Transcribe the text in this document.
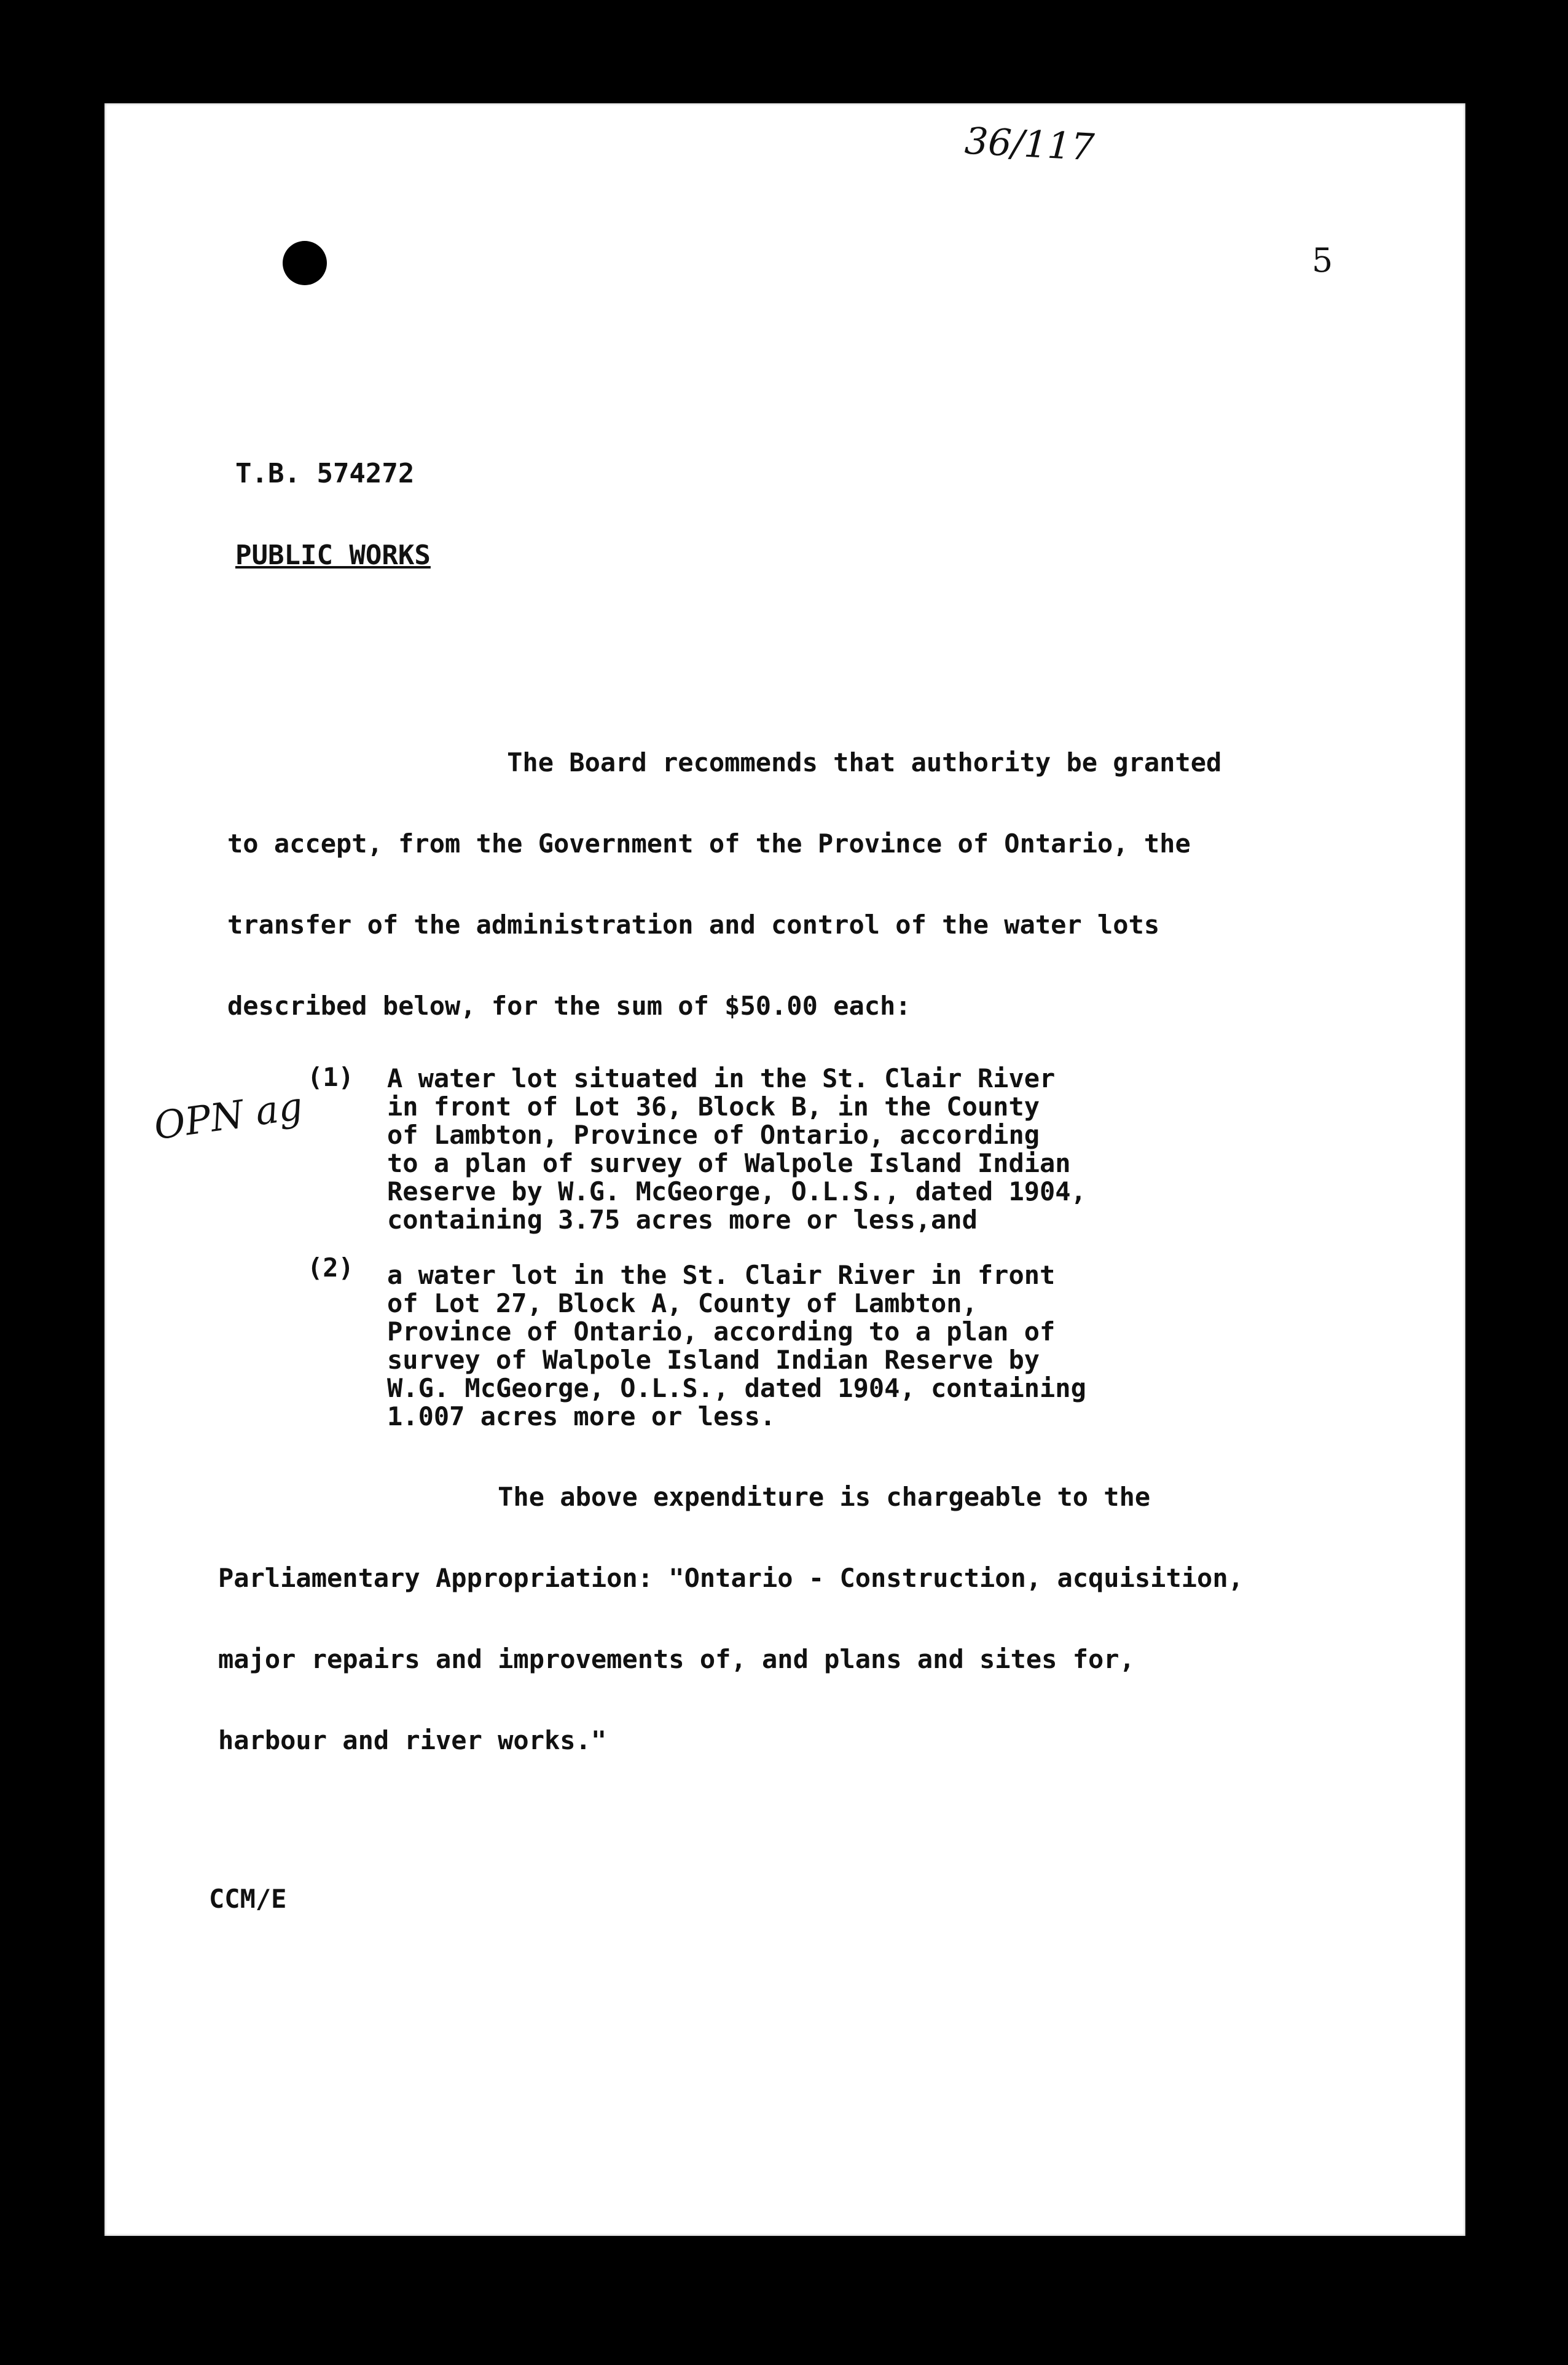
36/117
5
OPN ag
T.B. 574272
PUBLIC WORKS
The Board recommends that authority be granted
to accept, from the Government of the Province of Ontario, the
transfer of the administration and control of the water lots
described below, for the sum of $50.00 each:
(1) A water lot situated in the St. Clair River
in front of Lot 36, Block B, in the County
of Lambton, Province of Ontario, according
to a plan of survey of Walpole Island Indian
Reserve by W.G. McGeorge, O.L.S., dated 1904,
containing 3.75 acres more or less,and
(2) a water lot in the St. Clair River in front
of Lot 27, Block A, County of Lambton,
Province of Ontario, according to a plan of
survey of Walpole Island Indian Reserve by
W.G. McGeorge, O.L.S., dated 1904, containing
1.007 acres more or less.
The above expenditure is chargeable to the
Parliamentary Appropriation: "Ontario - Construction, acquisition,
major repairs and improvements of, and plans and sites for,
harbour and river works."
CCM/E
